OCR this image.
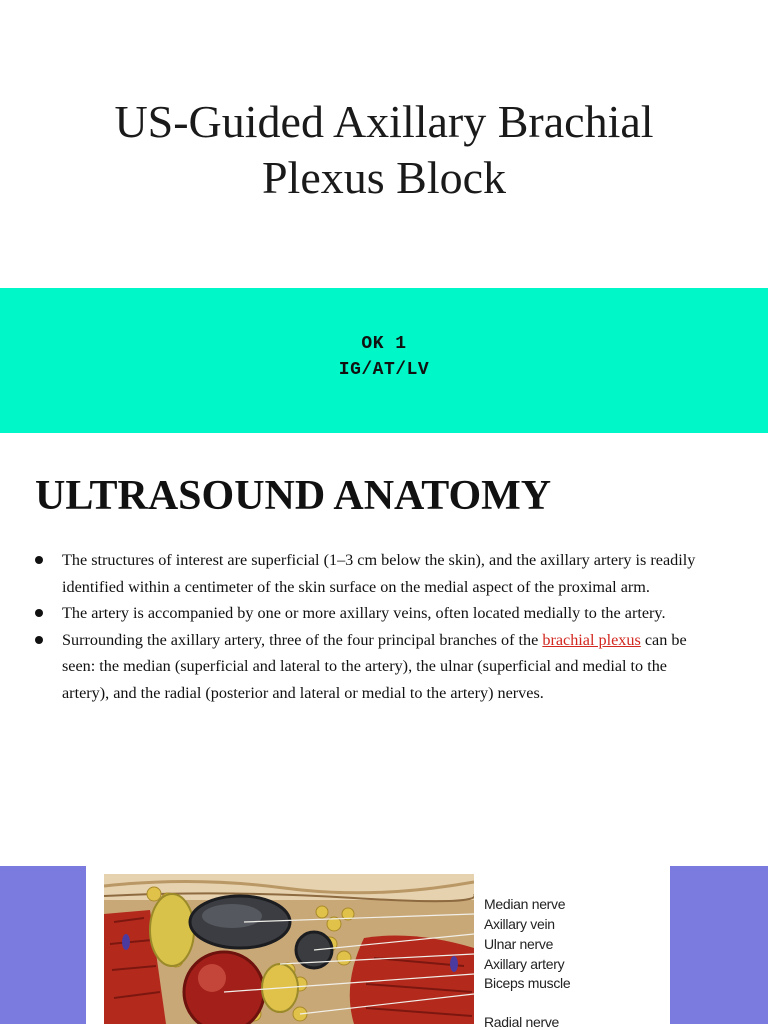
US-Guided Axillary Brachial
Plexus Block
OK 1
IG/AT/LV
ULTRASOUND ANATOMY
The structures of interest are superficial (1–3 cm below the skin), and the axillary artery is readily identified within a centimeter of the skin surface on the medial aspect of the proximal arm.
The artery is accompanied by one or more axillary veins, often located medially to the artery.
Surrounding the axillary artery, three of the four principal branches of the brachial plexus can be seen: the median (superficial and lateral to the artery), the ulnar (superficial and medial to the artery), and the radial (posterior and lateral or medial to the artery) nerves.
Median nerve
Axillary vein
Ulnar nerve
Axillary artery
Biceps muscle
Radial nerve
